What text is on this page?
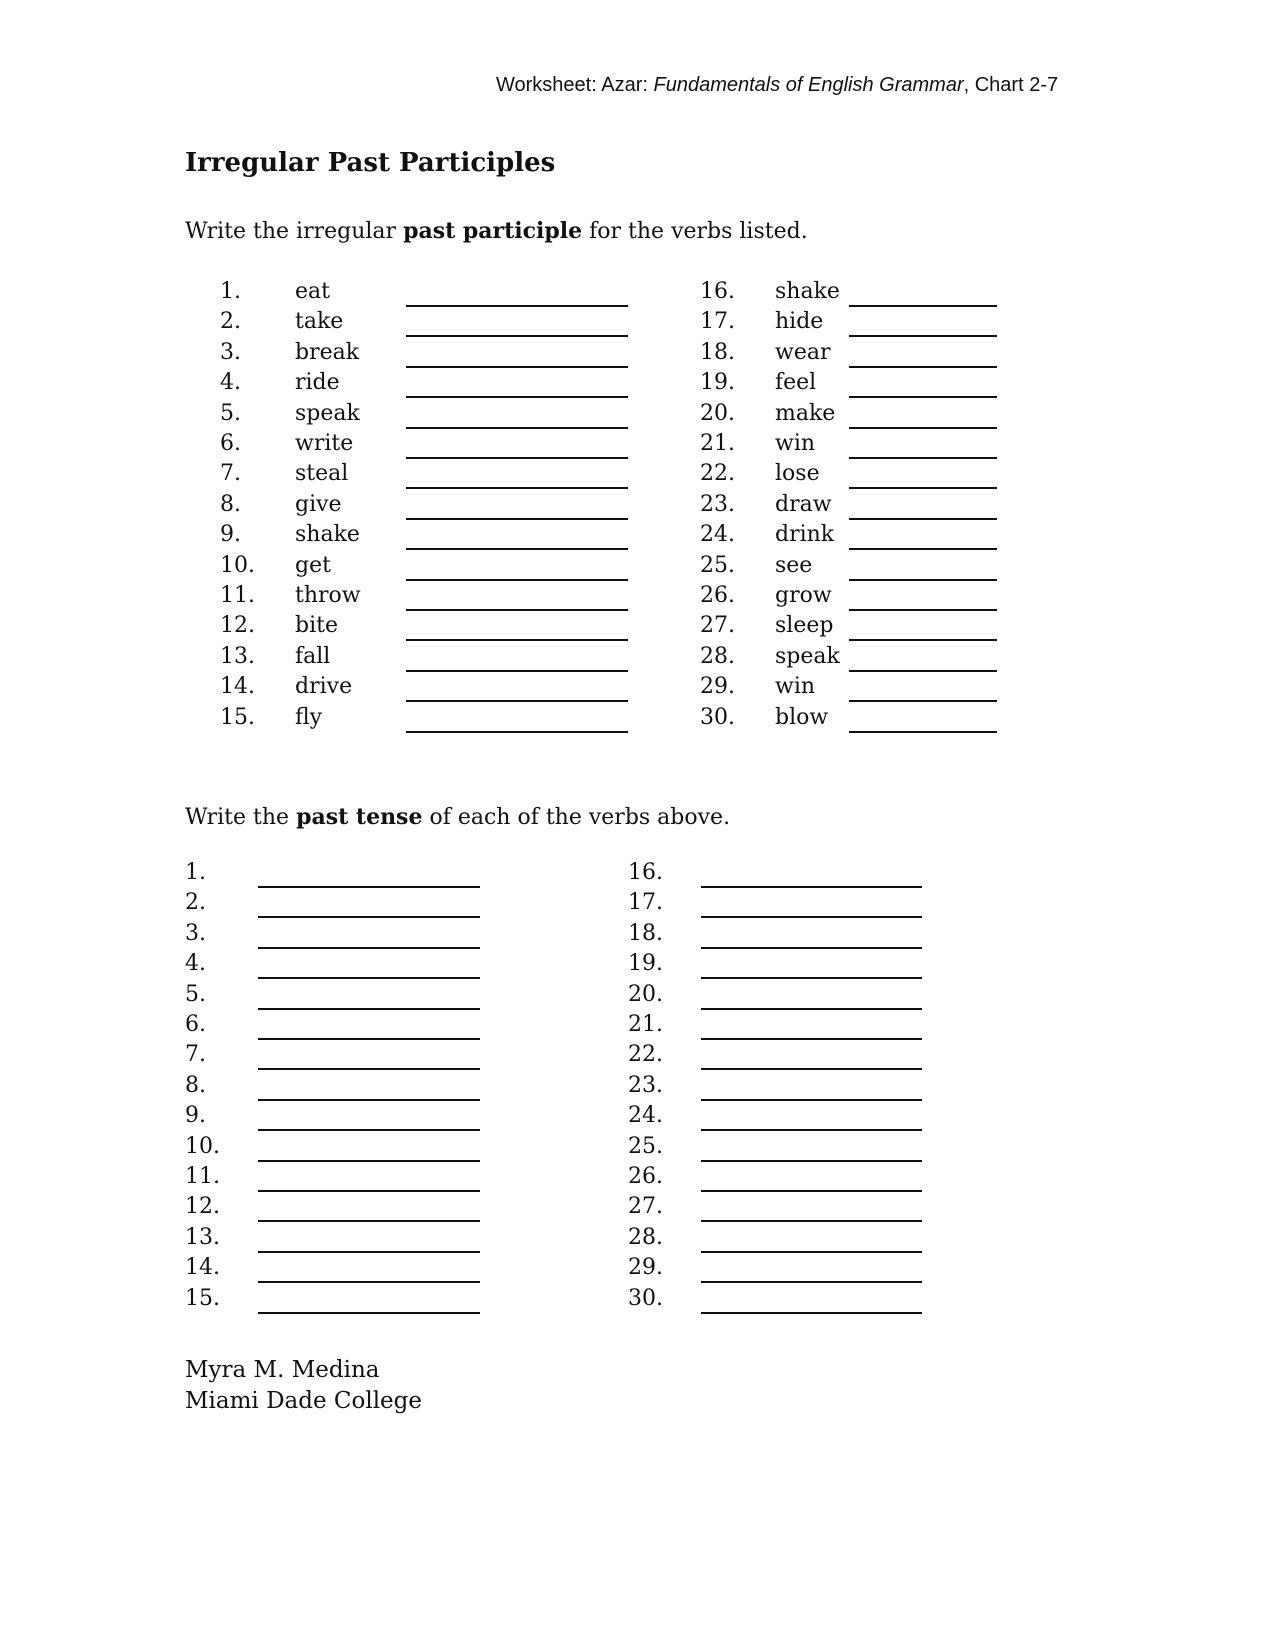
Worksheet: Azar: Fundamentals of English Grammar, Chart 2-7
Irregular Past Participles
Write the irregular past participle for the verbs listed.
1. eat
2. take
3. break
4. ride
5. speak
6. write
7. steal
8. give
9. shake
10. get
11. throw
12. bite
13. fall
14. drive
15. fly
16. shake
17. hide
18. wear
19. feel
20. make
21. win
22. lose
23. draw
24. drink
25. see
26. grow
27. sleep
28. speak
29. win
30. blow
Write the past tense of each of the verbs above.
1.
2.
3.
4.
5.
6.
7.
8.
9.
10.
11.
12.
13.
14.
15.
16.
17.
18.
19.
20.
21.
22.
23.
24.
25.
26.
27.
28.
29.
30.
Myra M. Medina
Miami Dade College
